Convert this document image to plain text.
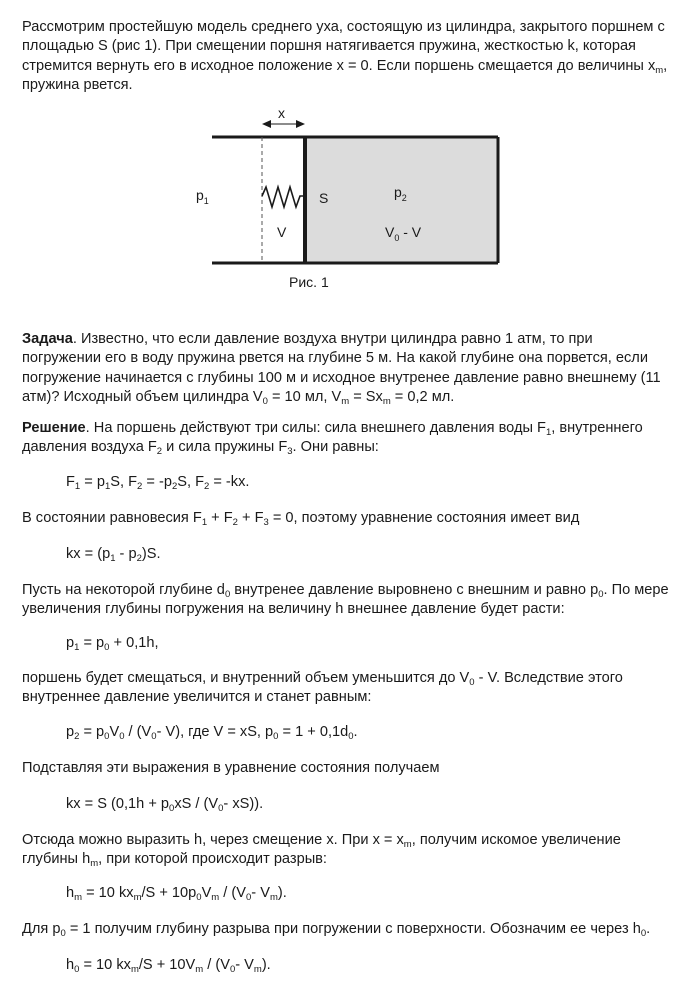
Рассмотрим простейшую модель среднего уха, состоящую из цилиндра, закрытого поршнем с площадью S (рис 1). При смещении поршня натягивается пружина, жесткостью k, которая стремится вернуть его в исходное положение x = 0. Если поршень смещается до величины $x_m$, пружина рвется.

x
$p_1$	S
V
$p_2$
$V_0$ - V
Рис. 1

Задача. Известно, что если давление воздуха внутри цилиндра равно 1 атм, то при погружении его в воду пружина рвется на глубине 5 м. На какой глубине она порвется, если погружение начинается с глубины 100 м и исходное внутренее давление равно внешнему (11 атм)? Исходный объем цилиндра $V_0 = 10$ мл, $V_m = Sx_m = 0,2$ мл.

Решение. На поршень действуют три силы: сила внешнего давления воды $F_1$, внутреннего давления воздуха $F_2$ и сила пружины $F_3$. Они равны:

$F_1 = p_1S$, $F_2 = -p_2S$, $F_2 = -kx$.

В состоянии равновесия $F_1 + F_2 + F_3 = 0$, поэтому уравнение состояния имеет вид

kx = $(p_1 - p_2)S$.

Пусть на некоторой глубине $d_0$ внутренее давление выровнено с внешним и равно $p_0$. По мере увеличения глубины погружения на величину h внешнее давление будет расти:

$p_1 = p_0 + 0,1h$,

поршень будет смещаться, и внутренний объем уменьшится до $V_0$ - V. Вследствие этого внутреннее давление увеличится и станет равным:

$p_2 = p_0V_0 / (V_0-$ V), где V = xS, $p_0 = 1 + 0,1d_0$.

Подставляя эти выражения в уравнение состояния получаем

kx = S ($0,1h + p_0xS / (V_0-$ xS)).

Отсюда можно выразить h, через смещение x. При $x = x_m$, получим искомое увеличение глубины $h_m$, при которой происходит разрыв:

$h_m = 10$ $kx_m/S + 10p_0V_m / (V_0-$ $V_m$).

Для $p_0 = 1$ получим глубину разрыва при погружении с поверхности. Обозначим ее через $h_0$.

$h_0 = 10$ $kx_m/S + 10V_m / (V_0-$ $V_m$).
